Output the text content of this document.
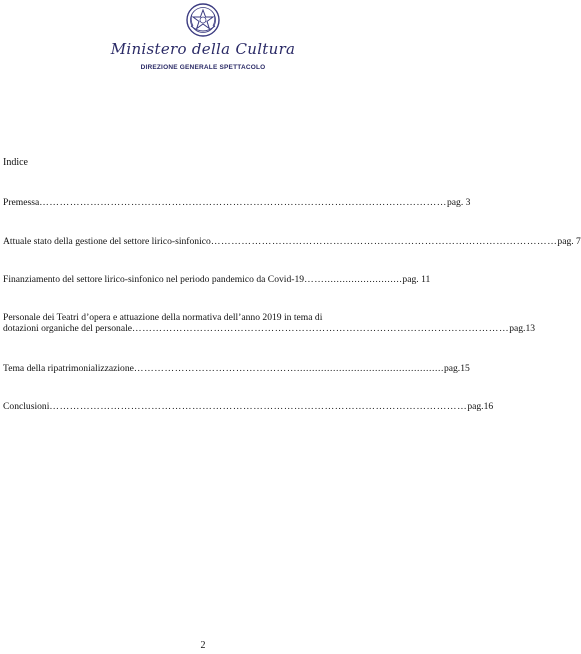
Ministero della Cultura
DIREZIONE GENERALE SPETTACOLO
Indice
Premessa ………………………………………………………………………………………………………… pag. 3
Attuale stato della gestione del settore lirico-sinfonico ………………………………………………………………………………………… pag. 7
Finanziamento del settore lirico-sinfonico nel periodo pandemico da Covid-19 …….......................... pag. 11
Personale dei Teatri d’opera e attuazione della normativa dell’anno 2019 in tema di
dotazioni organiche del personale ………………………………………………………………………………………………… pag.13
Tema della ripatrimonializzazione …………………………………………................................................. pag.15
Conclusioni …………………………………………………………………………………………………………… pag.16
2
